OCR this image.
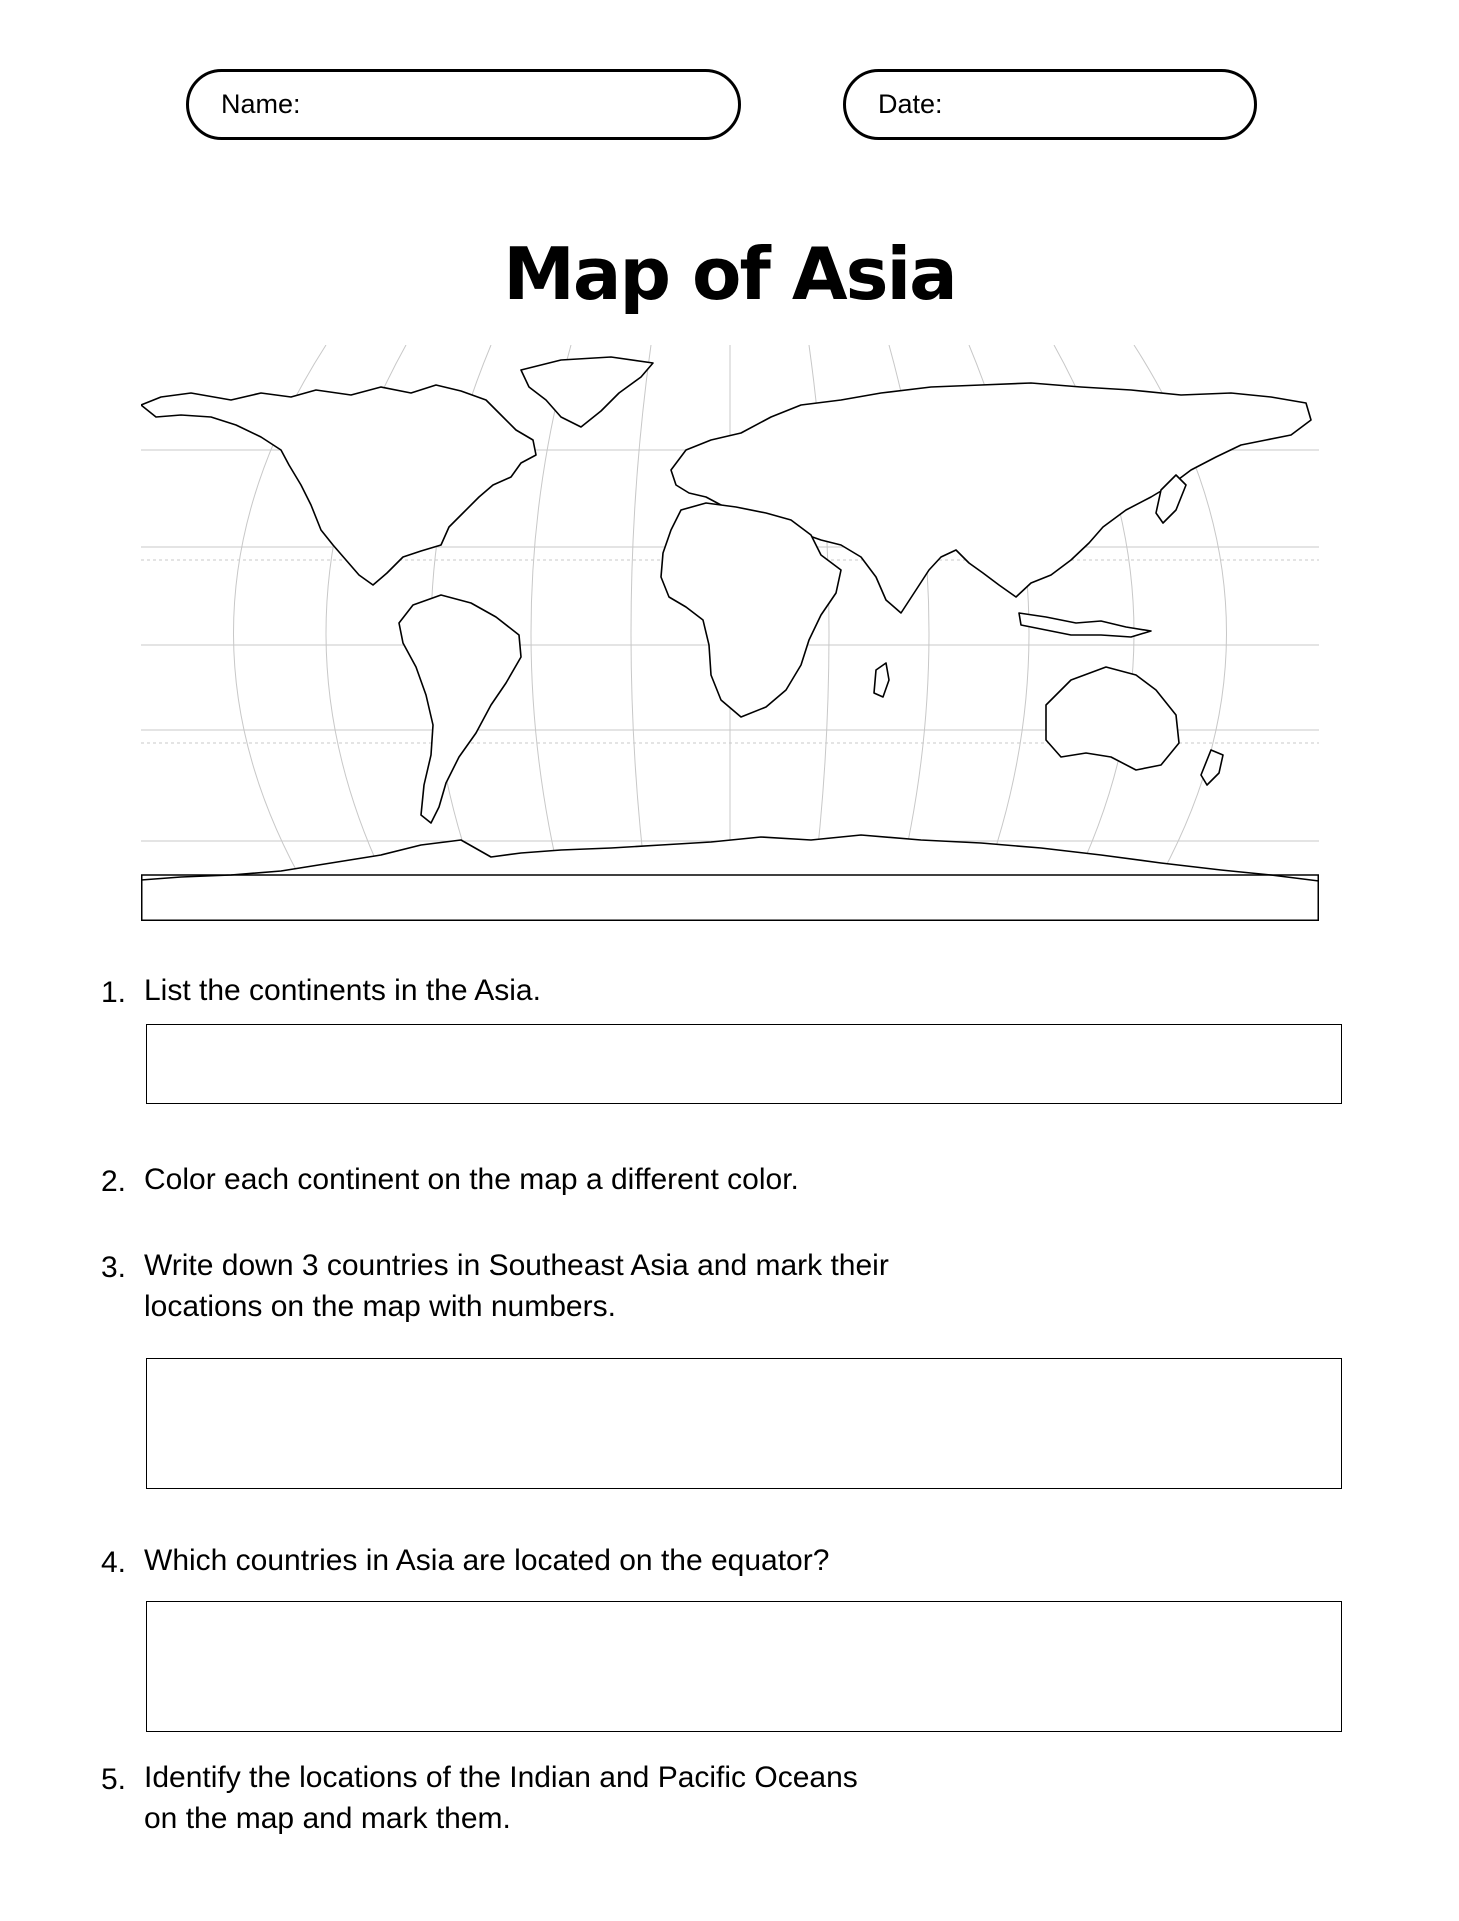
Name:	Date:
Map of Asia
1. List the continents in the Asia.
2. Color each continent on the map a different color.
3. Write down 3 countries in Southeast Asia and mark their
locations on the map with numbers.
4. Which countries in Asia are located on the equator?
5. Identify the locations of the Indian and Pacific Oceans
on the map and mark them.
